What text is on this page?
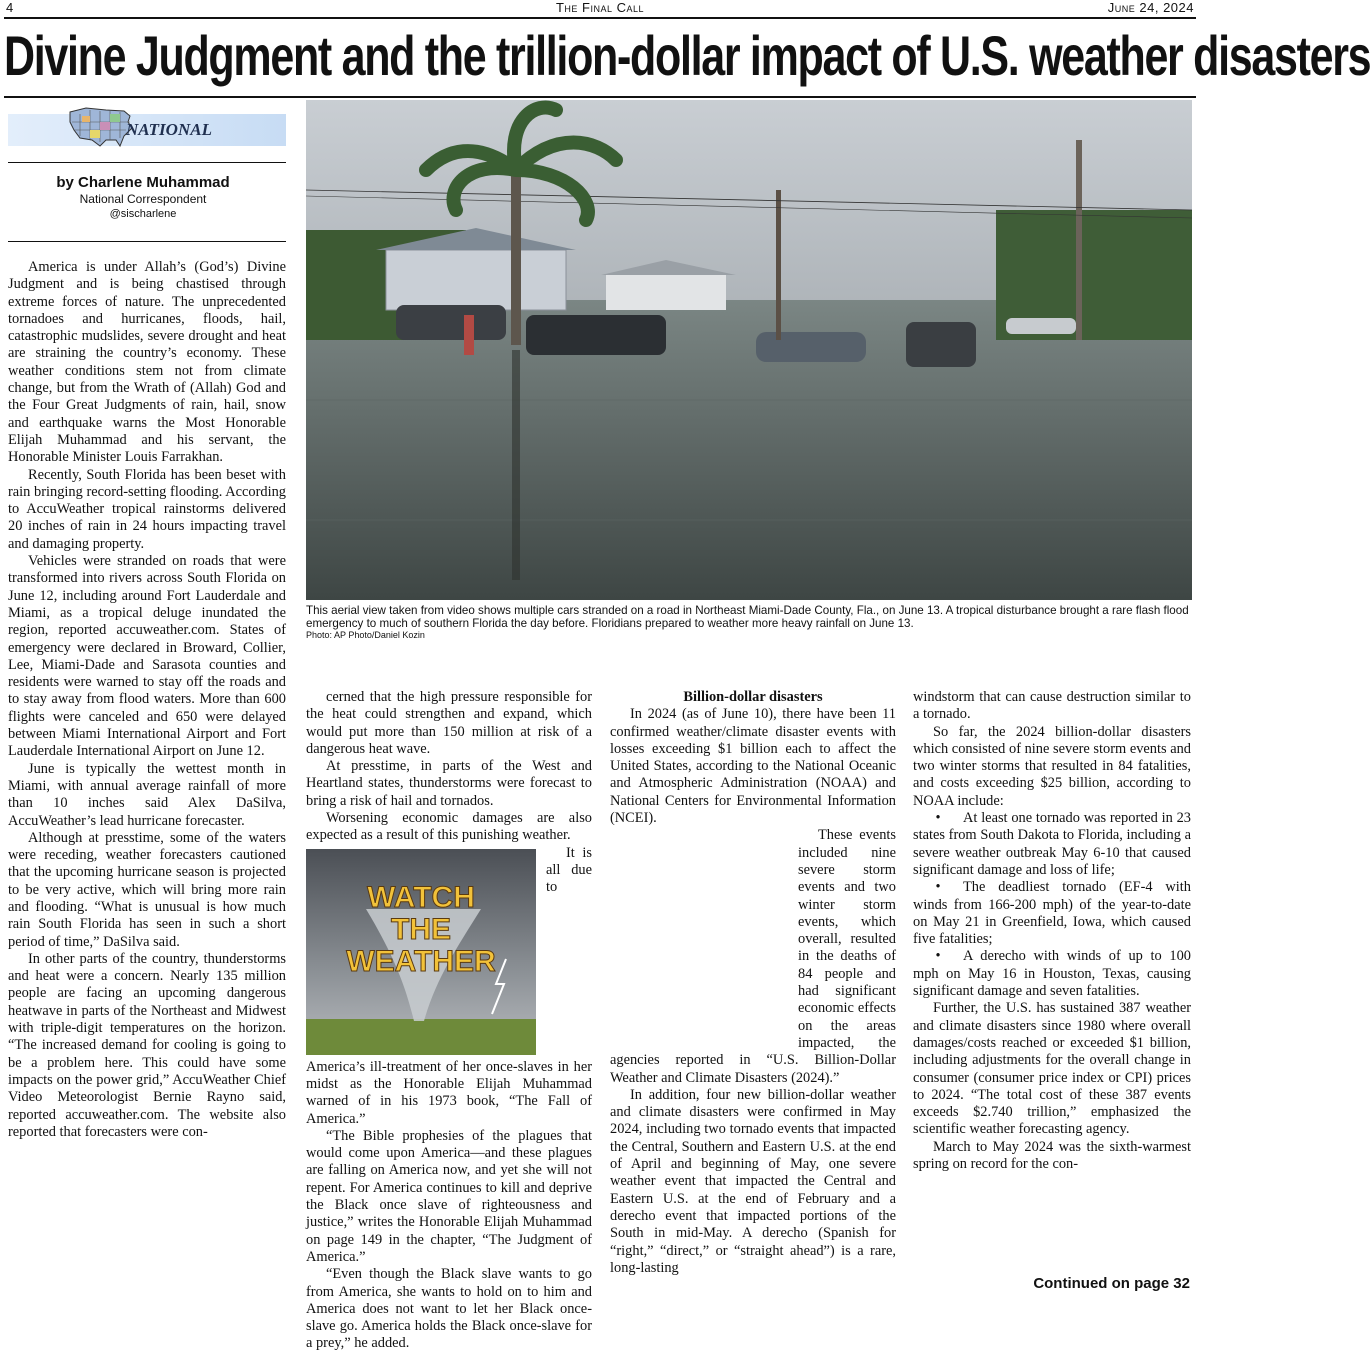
4	The Final Call	June 24, 2024
Divine Judgment and the trillion-dollar impact of U.S. weather disasters
NATIONAL
by Charlene Muhammad
National Correspondent
@sischarlene

America is under Allah’s (God’s) Divine Judgment and is being chastised through extreme forces of nature. The unprecedented tornadoes and hurricanes, floods, hail, catastrophic mudslides, severe drought and heat are straining the country’s economy. These weather conditions stem not from climate change, but from the Wrath of (Allah) God and the Four Great Judgments of rain, hail, snow and earthquake warns the Most Honorable Elijah Muhammad and his servant, the Honorable Minister Louis Farrakhan.

Recently, South Florida has been beset with rain bringing record-setting flooding. According to AccuWeather tropical rainstorms delivered 20 inches of rain in 24 hours impacting travel and damaging property.

Vehicles were stranded on roads that were transformed into rivers across South Florida on June 12, including around Fort Lauderdale and Miami, as a tropical deluge inundated the region, reported accuweather.com. States of emergency were declared in Broward, Collier, Lee, Miami-Dade and Sarasota counties and residents were warned to stay off the roads and to stay away from flood waters. More than 600 flights were canceled and 650 were delayed between Miami International Airport and Fort Lauderdale International Airport on June 12.

June is typically the wettest month in Miami, with annual average rainfall of more than 10 inches said Alex DaSilva, AccuWeather’s lead hurricane forecaster.

Although at presstime, some of the waters were receding, weather forecasters cautioned that the upcoming hurricane season is projected to be very active, which will bring more rain and flooding. “What is unusual is how much rain South Florida has seen in such a short period of time,” DaSilva said.

In other parts of the country, thunderstorms and heat were a concern. Nearly 135 million people are facing an upcoming dangerous heatwave in parts of the Northeast and Midwest with triple-digit temperatures on the horizon. “The increased demand for cooling is going to be a problem here. This could have some impacts on the power grid,” AccuWeather Chief Video Meteorologist Bernie Rayno said, reported accuweather.com. The website also reported that forecasters were con-

This aerial view taken from video shows multiple cars stranded on a road in Northeast Miami-Dade County, Fla., on June 13. A tropical disturbance brought a rare flash flood emergency to much of southern Florida the day before. Floridians prepared to weather more heavy rainfall on June 13.
Photo: AP Photo/Daniel Kozin

cerned that the high pressure responsible for the heat could strengthen and expand, which would put more than 150 million at risk of a dangerous heat wave.

At presstime, in parts of the West and Heartland states, thunderstorms were forecast to bring a risk of hail and tornados.

Worsening economic damages are also expected as a result of this punishing weather.

WATCH
THE
WEATHER

It is all due to America’s ill-treatment of her once-slaves in her midst as the Honorable Elijah Muhammad warned of in his 1973 book, “The Fall of America.”

“The Bible prophesies of the plagues that would come upon America—and these plagues are falling on America now, and yet she will not repent. For America continues to kill and deprive the Black once slave of righteousness and justice,” writes the Honorable Elijah Muhammad on page 149 in the chapter, “The Judgment of America.”

“Even though the Black slave wants to go from America, she wants to hold on to him and America does not want to let her Black once-slave go. America holds the Black once-slave for a prey,” he added.

Billion-dollar disasters

In 2024 (as of June 10), there have been 11 confirmed weather/climate disaster events with losses exceeding $1 billion each to affect the United States, according to the National Oceanic and Atmospheric Administration (NOAA) and National Centers for Environmental Information (NCEI).

These events included nine severe storm events and two winter storm events, which overall, resulted in the deaths of 84 people and had significant economic effects on the areas impacted, the agencies reported in “U.S. Billion-Dollar Weather and Climate Disasters (2024).”

In addition, four new billion-dollar weather and climate disasters were confirmed in May 2024, including two tornado events that impacted the Central, Southern and Eastern U.S. at the end of April and beginning of May, one severe weather event that impacted the Central and Eastern U.S. at the end of February and a derecho event that impacted portions of the South in mid-May. A derecho (Spanish for “right,” “direct,” or “straight ahead”) is a rare, long-lasting

windstorm that can cause destruction similar to a tornado.

So far, the 2024 billion-dollar disasters which consisted of nine severe storm events and two winter storms that resulted in 84 fatalities, and costs exceeding $25 billion, according to NOAA include:

• At least one tornado was reported in 23 states from South Dakota to Florida, including a severe weather outbreak May 6-10 that caused significant damage and loss of life;

• The deadliest tornado (EF-4 with winds from 166-200 mph) of the year-to-date on May 21 in Greenfield, Iowa, which caused five fatalities;

• A derecho with winds of up to 100 mph on May 16 in Houston, Texas, causing significant damage and seven fatalities.

Further, the U.S. has sustained 387 weather and climate disasters since 1980 where overall damages/costs reached or exceeded $1 billion, including adjustments for the overall change in consumer (consumer price index or CPI) prices to 2024. “The total cost of these 387 events exceeds $2.740 trillion,” emphasized the scientific weather forecasting agency.

March to May 2024 was the sixth-warmest spring on record for the con-

Continued on page 32
